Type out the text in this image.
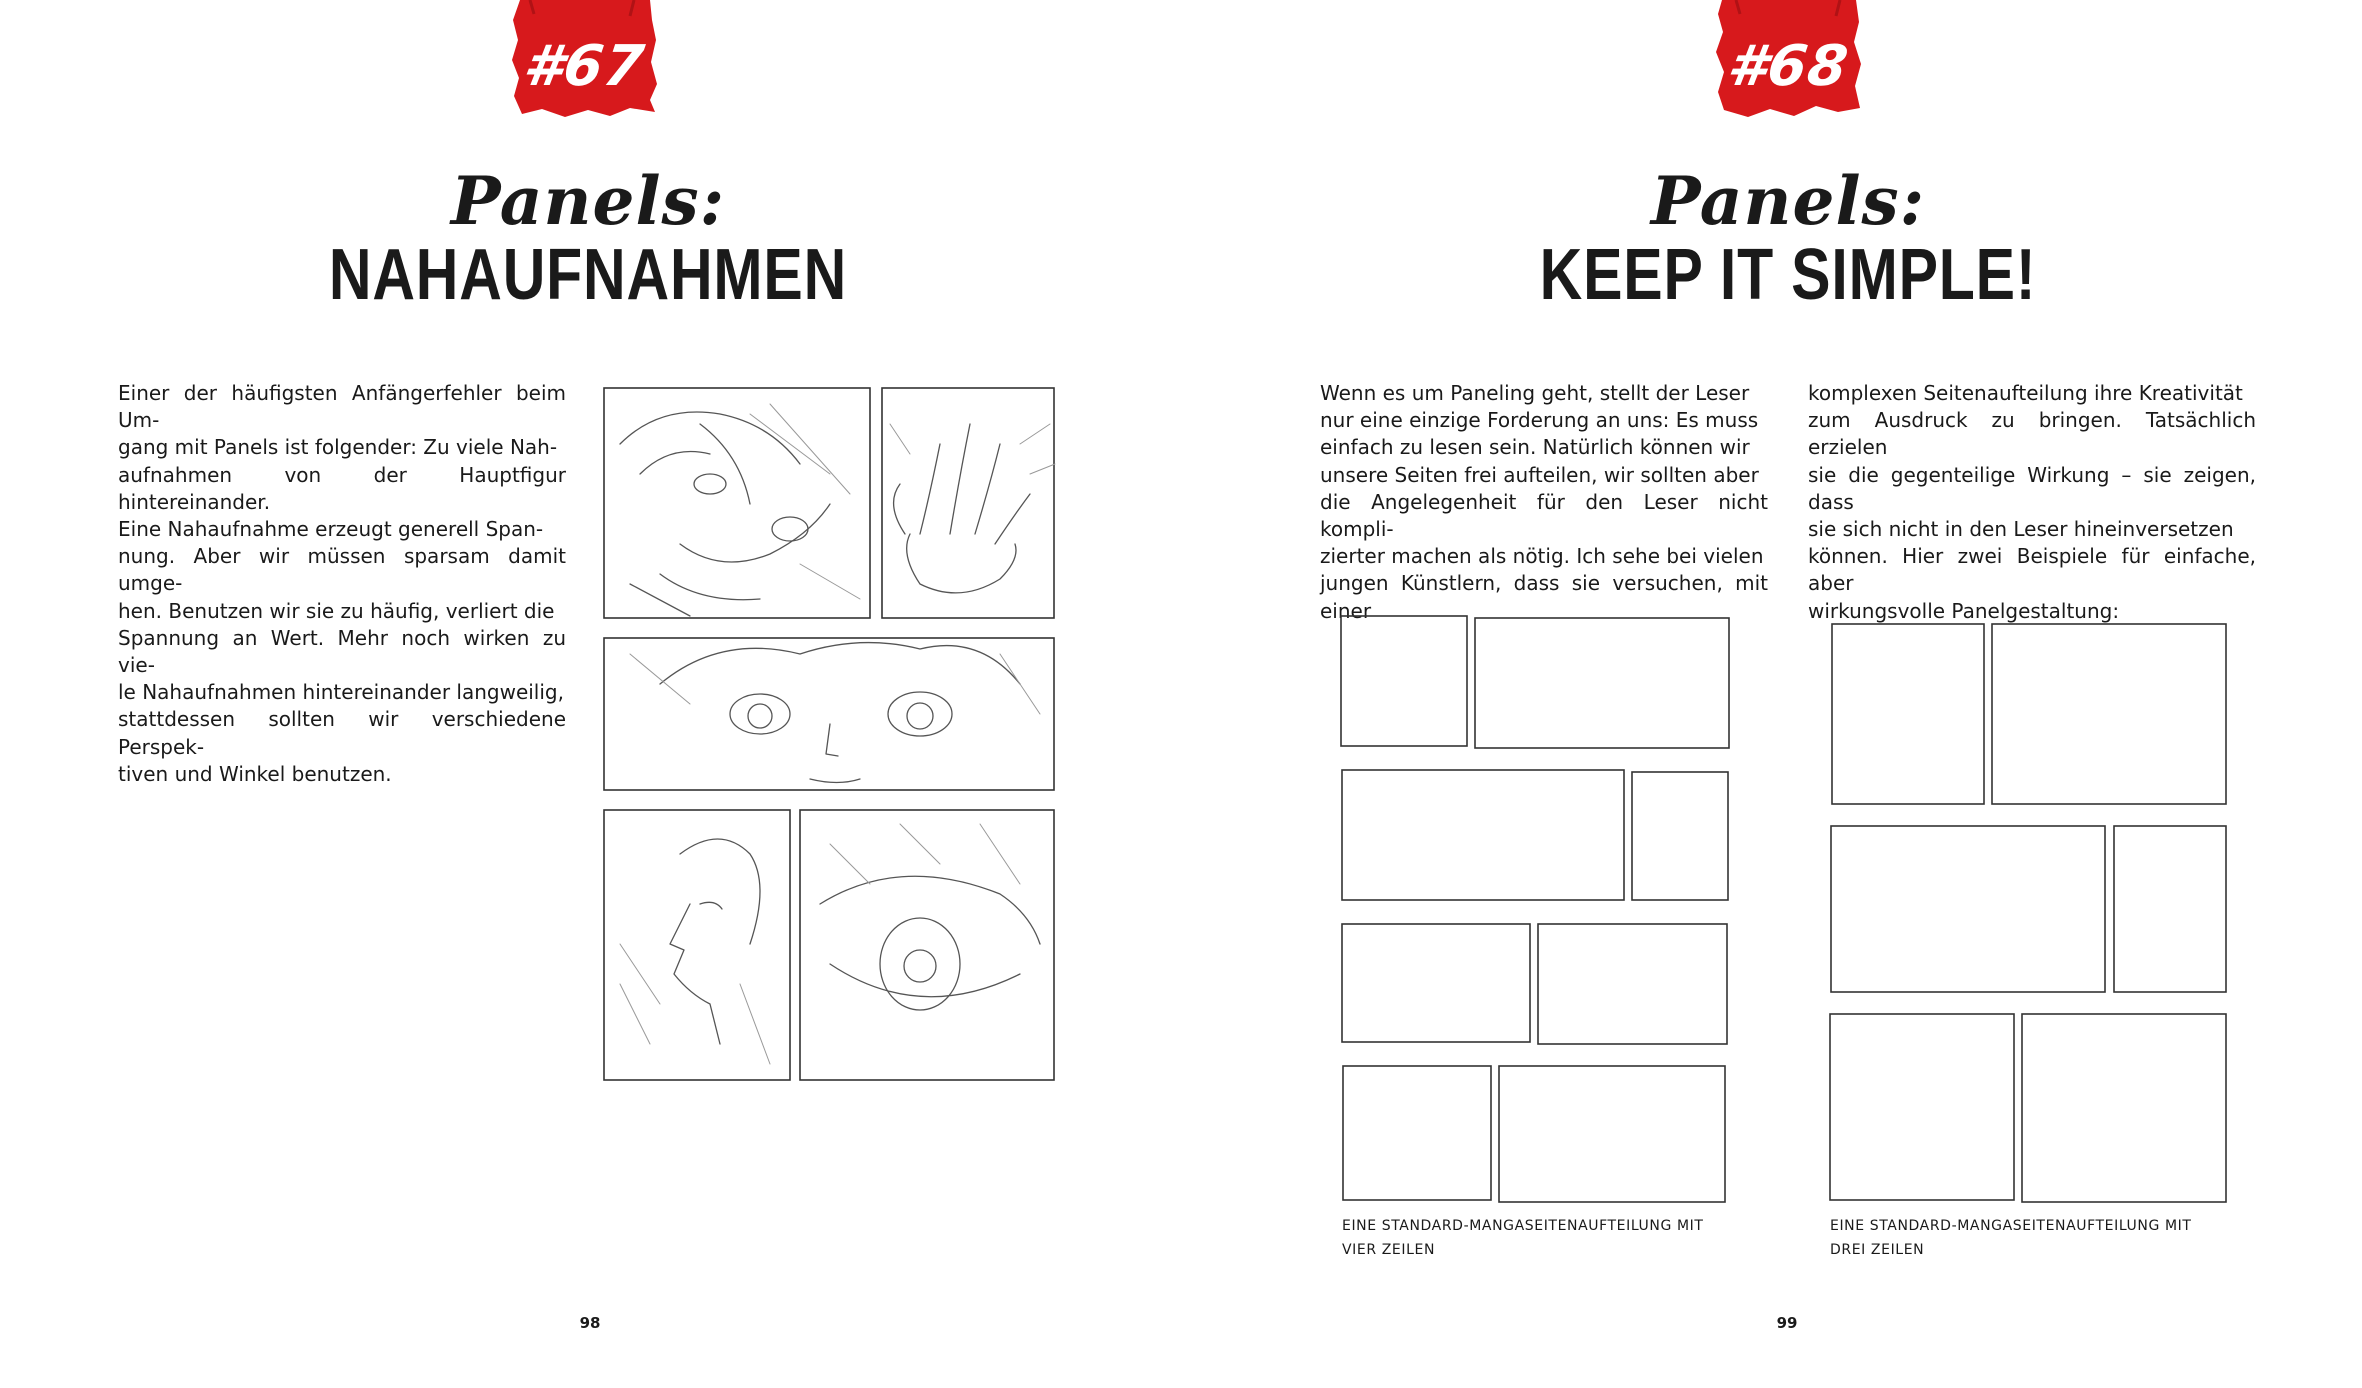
#67
Panels:
NAHAUFNAHMEN
Einer der häufigsten Anfängerfehler beim Um-
gang mit Panels ist folgender: Zu viele Nah-
aufnahmen von der Hauptfigur hintereinander.
Eine Nahaufnahme erzeugt generell Span-
nung. Aber wir müssen sparsam damit umge-
hen. Benutzen wir sie zu häufig, verliert die
Spannung an Wert. Mehr noch wirken zu vie-
le Nahaufnahmen hintereinander langweilig,
stattdessen sollten wir verschiedene Perspek-
tiven und Winkel benutzen.
98
#68
Panels:
KEEP IT SIMPLE!
Wenn es um Paneling geht, stellt der Leser
nur eine einzige Forderung an uns: Es muss
einfach zu lesen sein. Natürlich können wir
unsere Seiten frei aufteilen, wir sollten aber
die Angelegenheit für den Leser nicht kompli-
zierter machen als nötig. Ich sehe bei vielen
jungen Künstlern, dass sie versuchen, mit einer
komplexen Seitenaufteilung ihre Kreativität
zum Ausdruck zu bringen. Tatsächlich erzielen
sie die gegenteilige Wirkung – sie zeigen, dass
sie sich nicht in den Leser hineinversetzen
können. Hier zwei Beispiele für einfache, aber
wirkungsvolle Panelgestaltung:
EINE STANDARD-MANGASEITENAUFTEILUNG MIT
VIER ZEILEN
EINE STANDARD-MANGASEITENAUFTEILUNG MIT
DREI ZEILEN
99
